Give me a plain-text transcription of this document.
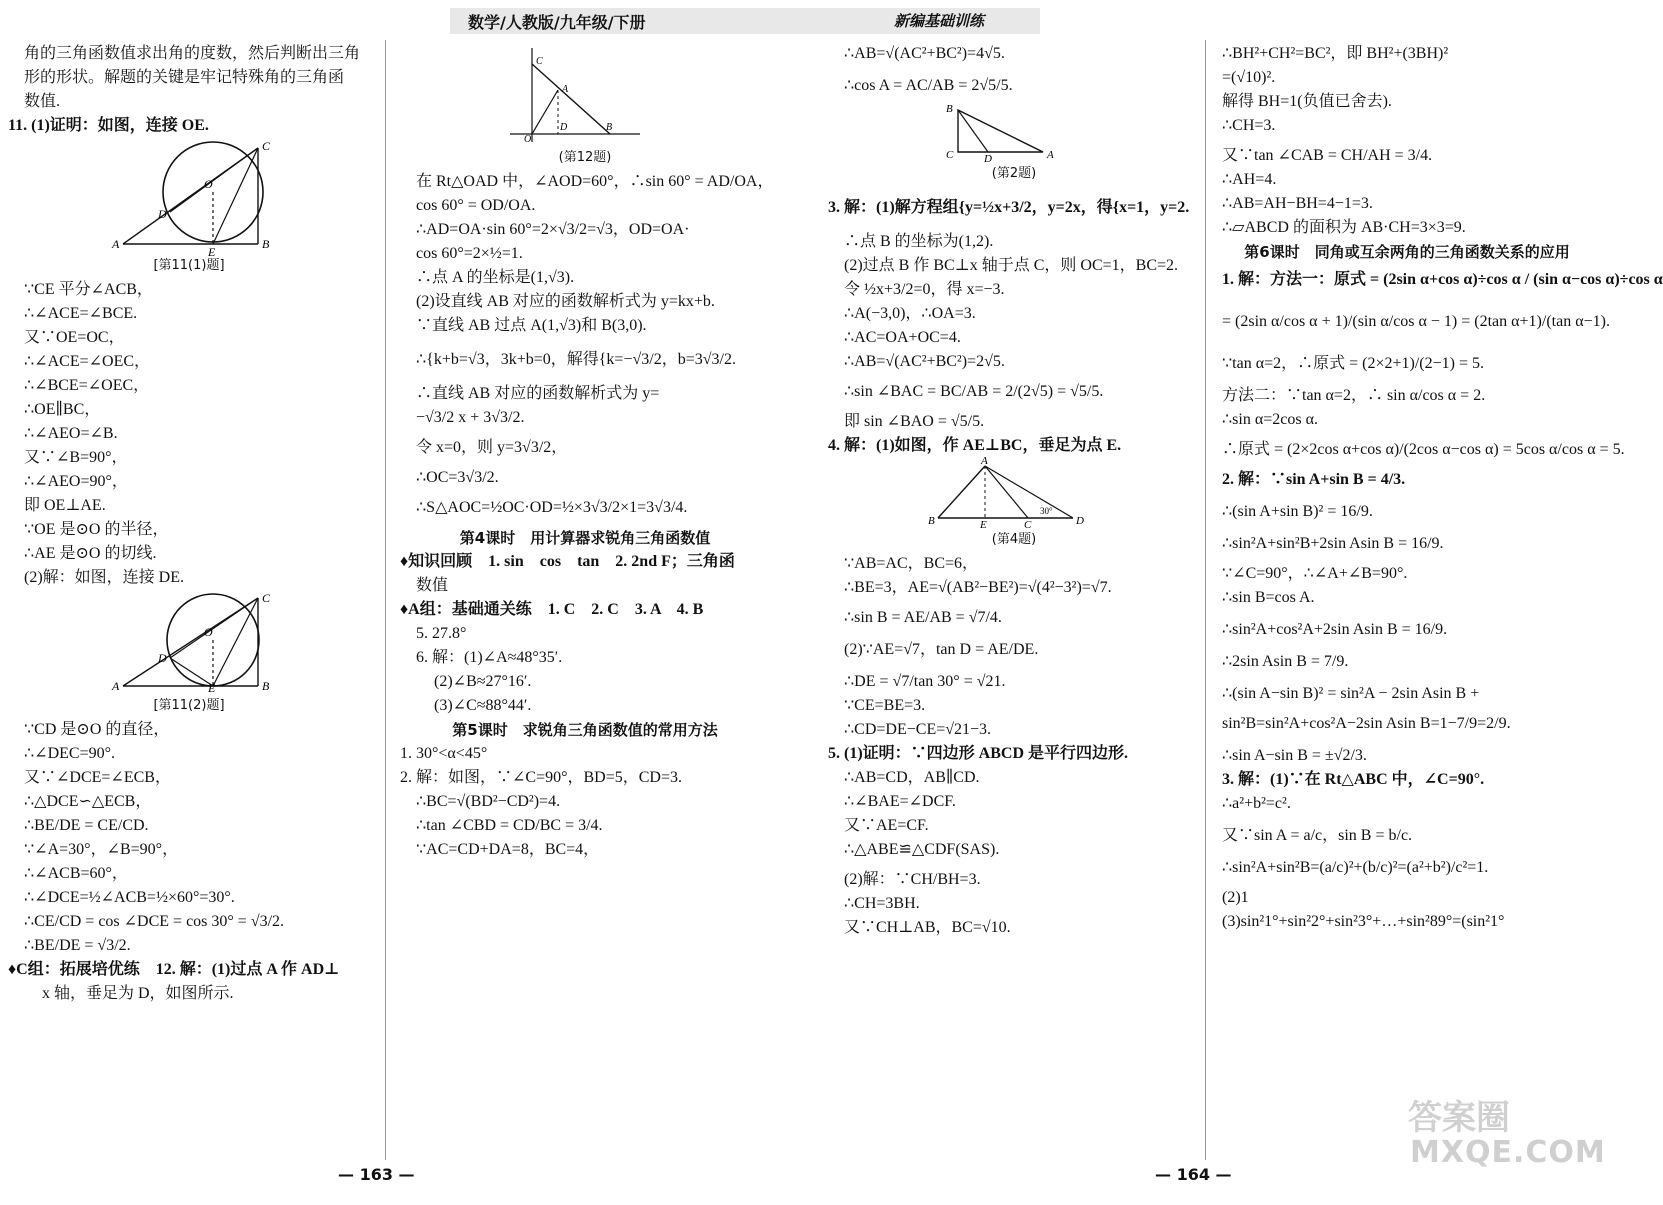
数学/人教版/九年级/下册	新编基础训练
角的三角函数值求出角的度数，然后判断出三角
形的形状。解题的关键是牢记特殊角的三角函
数值.
11. (1)证明：如图，连接 OE.
A	B
C
D
E
O
[第11(1)题]
∵CE 平分∠ACB，
∴∠ACE=∠BCE.
又∵OE=OC，
∴∠ACE=∠OEC，
∴∠BCE=∠OEC，
∴OE∥BC，
∴∠AEO=∠B.
又∵∠B=90°，
∴∠AEO=90°，
即 OE⊥AE.
∵OE 是⊙O 的半径，
∴AE 是⊙O 的切线.
(2)解：如图，连接 DE.
A	B
C
D
E
O
[第11(2)题]
∵CD 是⊙O 的直径，
∴∠DEC=90°.
又∵∠DCE=∠ECB，
∴△DCE∽△ECB，
∴BE/DE = CE/CD.
∵∠A=30°，∠B=90°，
∴∠ACB=60°，
∴∠DCE=½∠ACB=½×60°=30°.
∴CE/CD = cos ∠DCE = cos 30° = √3/2.
∴BE/DE = √3/2.
♦C组：拓展培优练　12. 解：(1)过点 A 作 AD⊥
x 轴，垂足为 D，如图所示.
C
A
D	B
O
(第12题)
在 Rt△OAD 中，∠AOD=60°，∴sin 60° = AD/OA，
cos 60° = OD/OA.
∴AD=OA·sin 60°=2×√3/2=√3，OD=OA·
cos 60°=2×½=1.
∴点 A 的坐标是(1,√3).
(2)设直线 AB 对应的函数解析式为 y=kx+b.
∵直线 AB 过点 A(1,√3)和 B(3,0).
∴{k+b=√3，3k+b=0，解得{k=−√3/2，b=3√3/2.
∴直线 AB 对应的函数解析式为 y=
−√3/2 x + 3√3/2.
令 x=0，则 y=3√3/2，
∴OC=3√3/2.
∴S△AOC=½OC·OD=½×3√3/2×1=3√3/4.
第4课时　用计算器求锐角三角函数值
♦知识回顾　1. sin　cos　tan　2. 2nd F；三角函
数值
♦A组：基础通关练　1. C　2. C　3. A　4. B
5. 27.8°
6. 解：(1)∠A≈48°35′.
(2)∠B≈27°16′.
(3)∠C≈88°44′.
第5课时　求锐角三角函数值的常用方法
1. 30°<α<45°
2. 解：如图，∵∠C=90°，BD=5，CD=3.
∴BC=√(BD²−CD²)=4.
∴tan ∠CBD = CD/BC = 3/4.
∵AC=CD+DA=8，BC=4，
∴AB=√(AC²+BC²)=4√5.
∴cos A = AC/AB = 2√5/5.
B
C	D	A
(第2题)
3. 解：(1)解方程组{y=½x+3/2，y=2x，得{x=1，y=2.
∴点 B 的坐标为(1,2).
(2)过点 B 作 BC⊥x 轴于点 C，则 OC=1，BC=2.
令 ½x+3/2=0，得 x=−3.
∴A(−3,0)，∴OA=3.
∴AC=OA+OC=4.
∴AB=√(AC²+BC²)=2√5.
∴sin ∠BAC = BC/AB = 2/(2√5) = √5/5.
即 sin ∠BAO = √5/5.
4. 解：(1)如图，作 AE⊥BC，垂足为点 E.
A
B	E	C	D
30°
(第4题)
∵AB=AC，BC=6，
∴BE=3，AE=√(AB²−BE²)=√(4²−3²)=√7.
∴sin B = AE/AB = √7/4.
(2)∵AE=√7，tan D = AE/DE.
∴DE = √7/tan 30° = √21.
∵CE=BE=3.
∴CD=DE−CE=√21−3.
5. (1)证明：∵四边形 ABCD 是平行四边形.
∴AB=CD，AB∥CD.
∴∠BAE=∠DCF.
又∵AE=CF.
∴△ABE≌△CDF(SAS).
(2)解：∵CH/BH=3.
∴CH=3BH.
又∵CH⊥AB，BC=√10.
∴BH²+CH²=BC²，即 BH²+(3BH)²
=(√10)².
解得 BH=1(负值已舍去).
∴CH=3.
又∵tan ∠CAB = CH/AH = 3/4.
∴AH=4.
∴AB=AH−BH=4−1=3.
∴▱ABCD 的面积为 AB·CH=3×3=9.
第6课时　同角或互余两角的三角函数关系的应用
1. 解：方法一：原式 = (2sin α+cos α)÷cos α / (sin α−cos α)÷cos α
= (2sin α/cos α + 1)/(sin α/cos α − 1) = (2tan α+1)/(tan α−1).
∵tan α=2，∴原式 = (2×2+1)/(2−1) = 5.
方法二：∵tan α=2，∴ sin α/cos α = 2.
∴sin α=2cos α.
∴原式 = (2×2cos α+cos α)/(2cos α−cos α) = 5cos α/cos α = 5.
2. 解：∵sin A+sin B = 4/3.
∴(sin A+sin B)² = 16/9.
∴sin²A+sin²B+2sin Asin B = 16/9.
∵∠C=90°，∴∠A+∠B=90°.
∴sin B=cos A.
∴sin²A+cos²A+2sin Asin B = 16/9.
∴2sin Asin B = 7/9.
∴(sin A−sin B)² = sin²A − 2sin Asin B +
sin²B=sin²A+cos²A−2sin Asin B=1−7/9=2/9.
∴sin A−sin B = ±√2/3.
3. 解：(1)∵在 Rt△ABC 中，∠C=90°.
∴a²+b²=c².
又∵sin A = a/c，sin B = b/c.
∴sin²A+sin²B=(a/c)²+(b/c)²=(a²+b²)/c²=1.
(2)1
(3)sin²1°+sin²2°+sin²3°+…+sin²89°=(sin²1°
— 163 —	— 164 —
答案圈
MXQE.COM
